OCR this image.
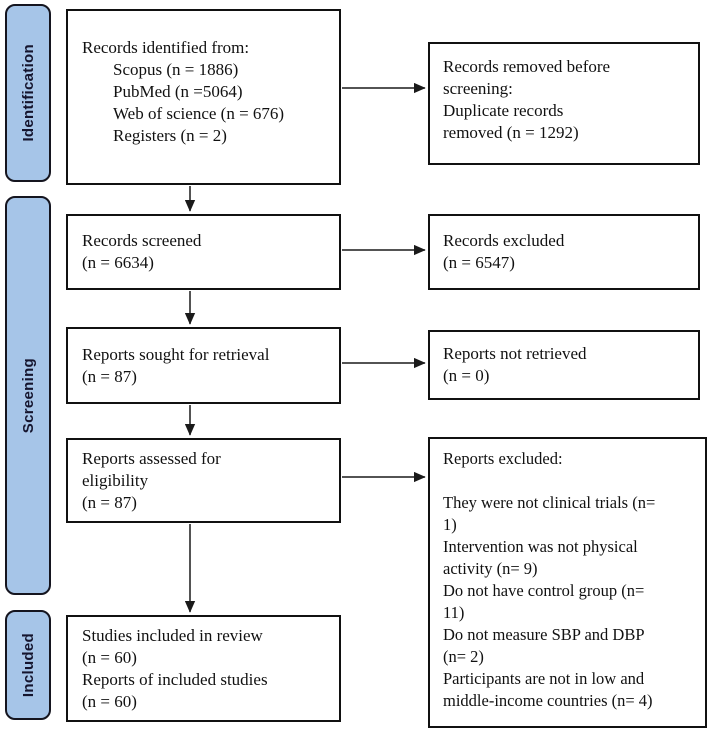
Identification
Screening
Included
Records identified from:
Scopus (n = 1886)
PubMed (n =5064)
Web of science (n = 676)
Registers (n = 2)
Records screened
(n = 6634)
Reports sought for retrieval
(n = 87)
Reports assessed for
eligibility
(n = 87)
Studies included in review
(n = 60)
Reports of included studies
(n = 60)
Records removed before
screening:
Duplicate records
removed (n = 1292)
Records excluded
(n = 6547)
Reports not retrieved
(n = 0)
Reports excluded:
They were not clinical trials (n=
1)
Intervention was not physical
activity (n= 9)
Do not have control group (n=
11)
Do not measure SBP and DBP
(n= 2)
Participants are not in low and
middle-income countries (n= 4)
